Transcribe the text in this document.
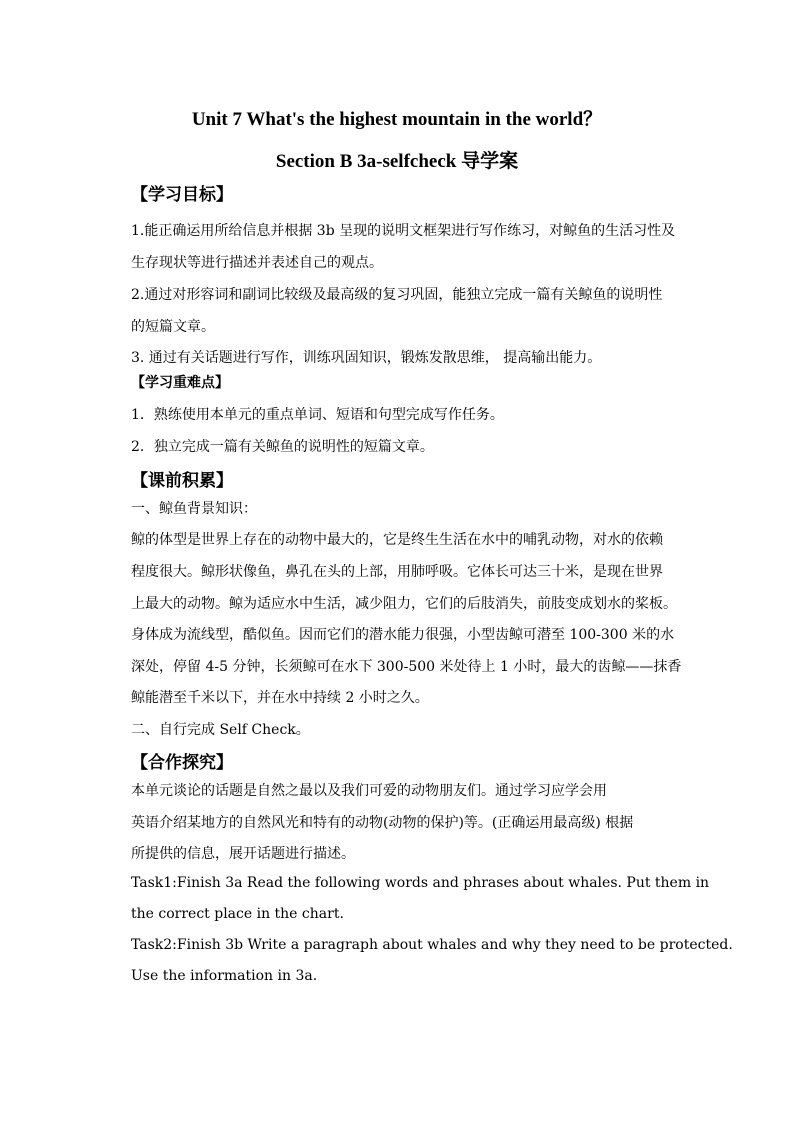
Unit 7 What's the highest mountain in the world？
Section B 3a-selfcheck 导学案
【学习目标】
1.能正确运用所给信息并根据 3b 呈现的说明文框架进行写作练习，对鲸鱼的生活习性及
生存现状等进行描述并表述自己的观点。
2.通过对形容词和副词比较级及最高级的复习巩固，能独立完成一篇有关鲸鱼的说明性
的短篇文章。
3. 通过有关话题进行写作，训练巩固知识，锻炼发散思维， 提高输出能力。
【学习重难点】
1．熟练使用本单元的重点单词、短语和句型完成写作任务。
2．独立完成一篇有关鲸鱼的说明性的短篇文章。
【课前积累】
一、鲸鱼背景知识：
鲸的体型是世界上存在的动物中最大的，它是终生生活在水中的哺乳动物，对水的依赖
程度很大。鲸形状像鱼，鼻孔在头的上部，用肺呼吸。它体长可达三十米，是现在世界
上最大的动物。鲸为适应水中生活，减少阻力，它们的后肢消失，前肢变成划水的桨板。
身体成为流线型，酷似鱼。因而它们的潜水能力很强，小型齿鲸可潜至 100-300 米的水
深处，停留 4-5 分钟，长须鲸可在水下 300-500 米处待上 1 小时，最大的齿鲸——抹香
鲸能潜至千米以下，并在水中持续 2 小时之久。
二、自行完成 Self Check。
【合作探究】
本单元谈论的话题是自然之最以及我们可爱的动物朋友们。通过学习应学会用
英语介绍某地方的自然风光和特有的动物(动物的保护)等。(正确运用最高级) 根据
所提供的信息，展开话题进行描述。
Task1:Finish 3a Read the following words and phrases about whales. Put them in
the correct place in the chart.
Task2:Finish 3b Write a paragraph about whales and why they need to be protected.
Use the information in 3a.
